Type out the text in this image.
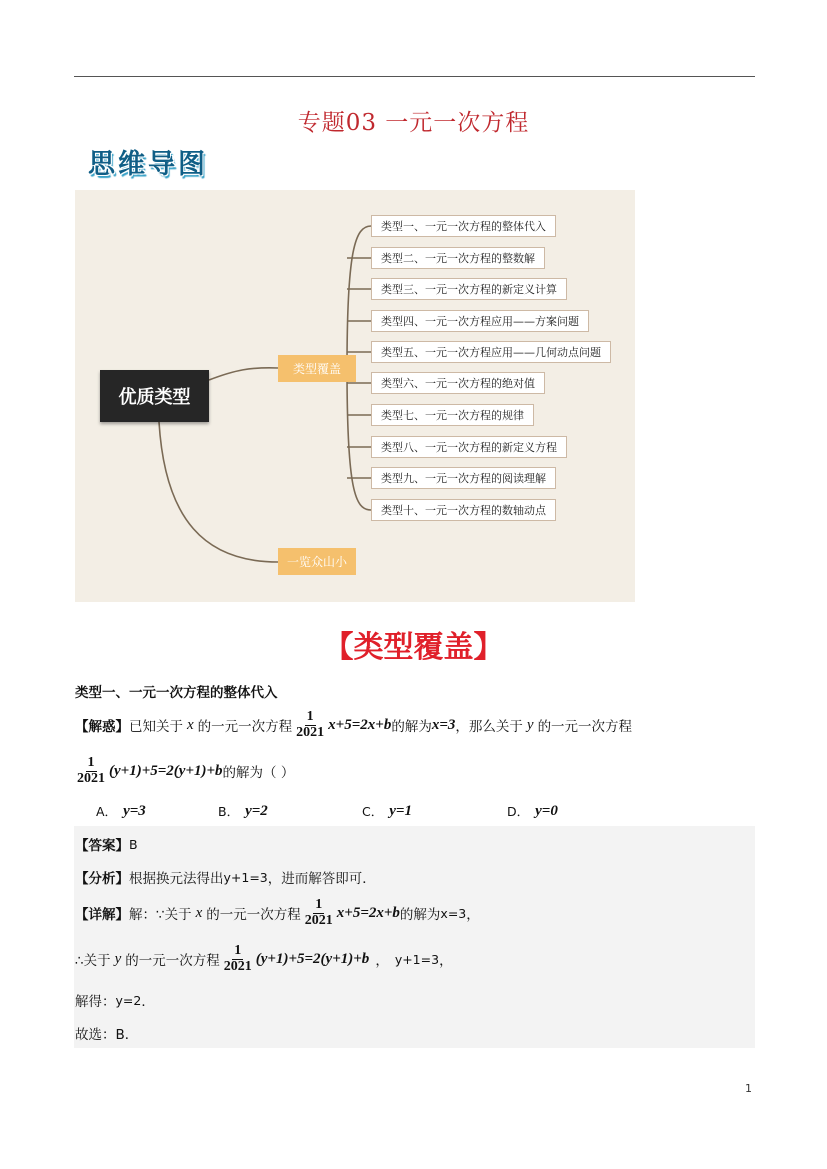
专题03 一元一次方程
思维导图
优质类型
类型覆盖
一览众山小
类型一、一元一次方程的整体代入
类型二、一元一次方程的整数解
类型三、一元一次方程的新定义计算
类型四、一元一次方程应用——方案问题
类型五、一元一次方程应用——几何动点问题
类型六、一元一次方程的绝对值
类型七、一元一次方程的规律
类型八、一元一次方程的新定义方程
类型九、一元一次方程的阅读理解
类型十、一元一次方程的数轴动点
【类型覆盖】
类型一、一元一次方程的整体代入
【解惑】 已知关于 x 的一元一次方程 $\frac{1}{2021} x+5=2x+b$ 的解为 x=3 ，那么关于 y 的一元一次方程
$\frac{1}{2021} (y+1)+5=2(y+1)+b$ 的解为（ ）
A． y=3	B． y=2	C． y=1	D． y=0
【答案】 B
【分析】 根据换元法得出 y+1=3 ，进而解答即可．
【详解】 解：∵关于 x 的一元一次方程 $\frac{1}{2021} x+5=2x+b$ 的解为 x=3 ，
∴关于 y 的一元一次方程 $\frac{1}{2021} (y+1)+5=2(y+1)+b$ ， y+1=3 ，
解得： y=2 ．
故选： B．
1
